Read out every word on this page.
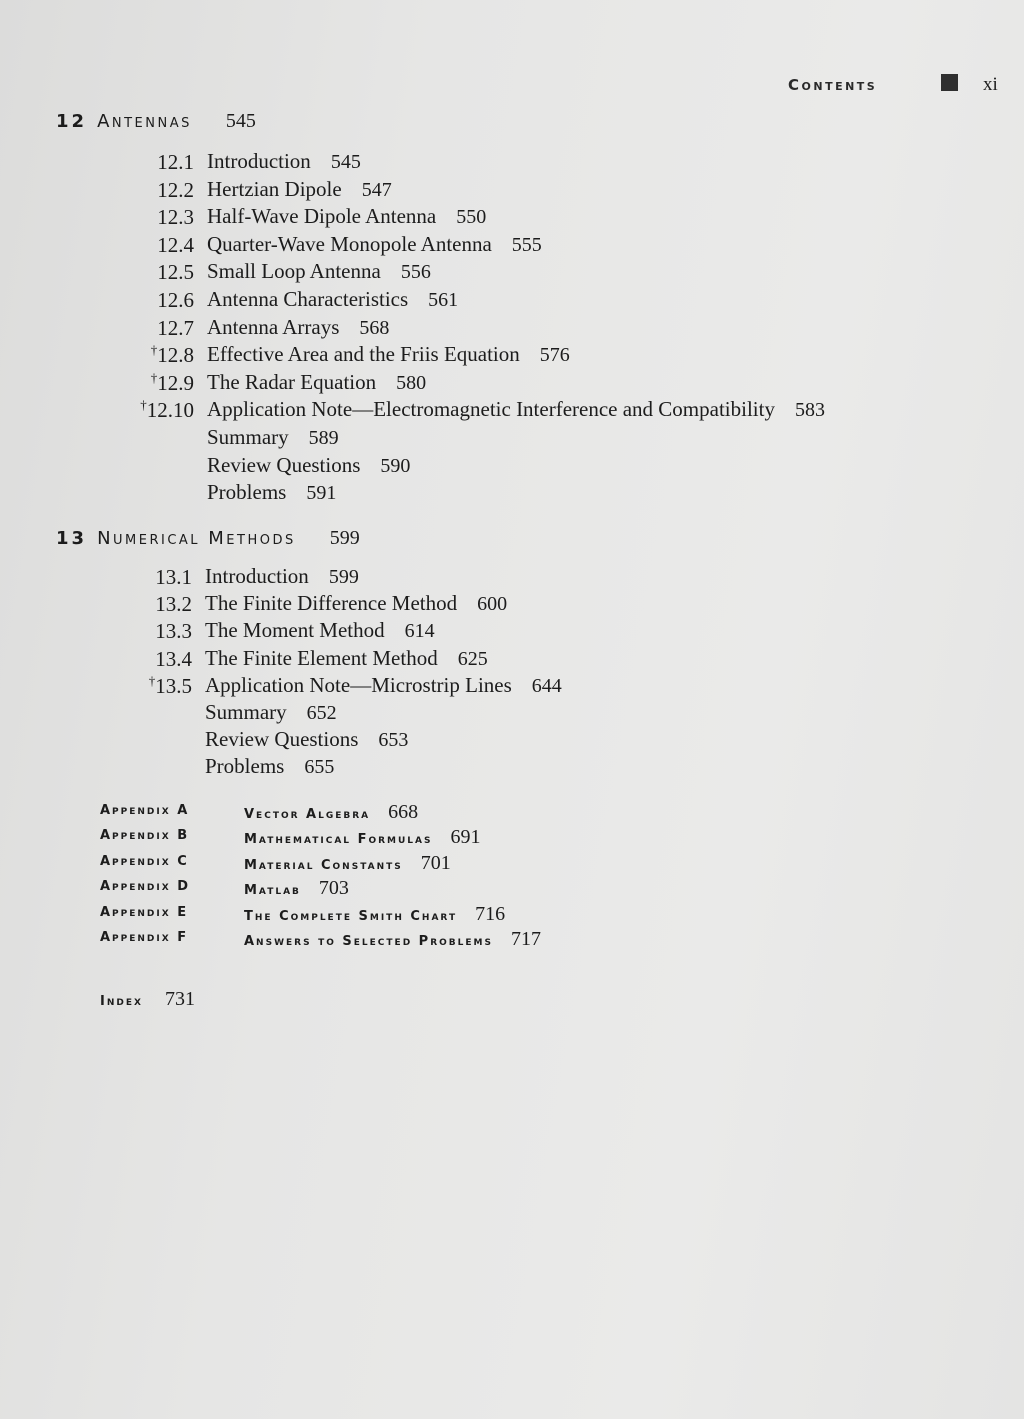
Contents	xi
12 Antennas 545
12.1 Introduction 545
12.2 Hertzian Dipole 547
12.3 Half-Wave Dipole Antenna 550
12.4 Quarter-Wave Monopole Antenna 555
12.5 Small Loop Antenna 556
12.6 Antenna Characteristics 561
12.7 Antenna Arrays 568
†12.8 Effective Area and the Friis Equation 576
†12.9 The Radar Equation 580
†12.10 Application Note—Electromagnetic Interference and Compatibility 583
Summary 589
Review Questions 590
Problems 591
13 Numerical Methods 599
13.1 Introduction 599
13.2 The Finite Difference Method 600
13.3 The Moment Method 614
13.4 The Finite Element Method 625
†13.5 Application Note—Microstrip Lines 644
Summary 652
Review Questions 653
Problems 655
Appendix A	Vector Algebra 668
Appendix B	Mathematical Formulas 691
Appendix C	Material Constants 701
Appendix D	Matlab 703
Appendix E	The Complete Smith Chart 716
Appendix F	Answers to Selected Problems 717
Index 731
